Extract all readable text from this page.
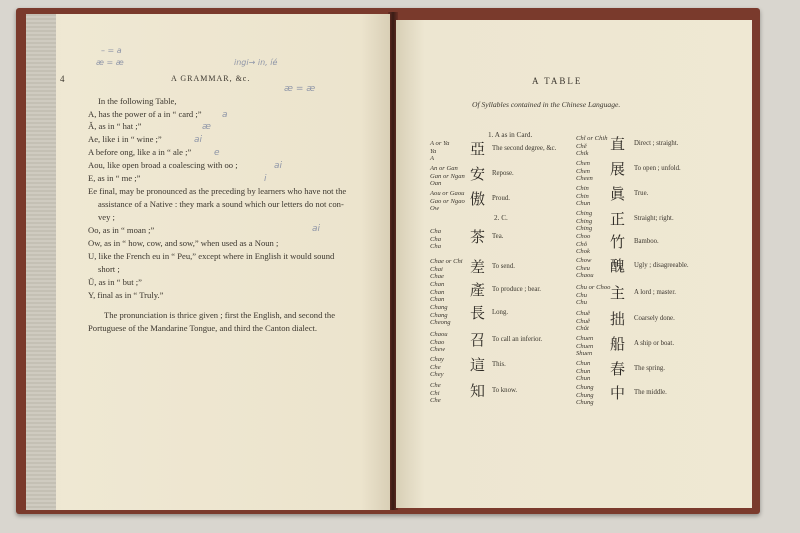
4	A GRAMMAR, &c.
In the following Table,
A, has the power of a in “ card ;”
Ă, as in “ hat ;”
Ae, like i in “ wine ;”
A before ong, like a in “ ale ;”
Aou, like open broad a coalescing with oo ;
E, as in “ me ;”
Ee final, may be pronounced as the preceding by learners who have not the
assistance of a Native : they mark a sound which our letters do not con-
vey ;
Oo, as in “ moan ;”
Ow, as in “ how, cow, and sow,” when used as a Noun ;
U, like the French eu in “ Peu,” except where in English it would sound
short ;
Ŭ, as in “ but ;”
Y, final as in “ Truly.”
The pronunciation is thrice given ; first the English, and second the
Portuguese of the Mandarine Tongue, and third the Canton dialect.
a
æ
ai
e
ai
i
ai
æ = æ
– = a
æ = æ	ingi→ in, íé
A TABLE
Of Syllables contained in the Chinese Language.
1. A as in Card.
2. C.
A or Ya
Ya
A
亞 The second degree, &c.
An or Gan
Gan or Ngan
Oan
安 Repose.
Aou or Gaou
Gao or Ngao
Ow
傲 Proud.
Cha
Cha
Cha
茶 Tea.
Chae or Chi
Chai
Chae
差 To send.
Chan
Chan
Chan
產 To produce ; bear.
Chang
Chang
Cheong
長 Long.
Chaou
Chao
Chew
召 To call an inferior.
Chay
Che
Chey
這 This.
Che
Chi
Che
知 To know.
Chĭ or Chih
Chĕ
Chik
直 Direct ; straight.
Chen
Chen
Cheen
展 To open ; unfold.
Chin
Chin
Chun
眞 True.
Ching
Ching
Ching
正 Straight; right.
Choo
Chŏ
Chok
竹 Bamboo.
Chow
Cheu
Chaou
醜 Ugly ; disagreeable.
Chu or Choo
Chu
Chu
主 A lord ; master.
Chuĕ
Chuĕ
Chŭt
拙 Coarsely done.
Chuen
Chuen
Shuen
船 A ship or boat.
Chun
Chun
Chun
春 The spring.
Chung
Chung
Chung
中 The middle.
